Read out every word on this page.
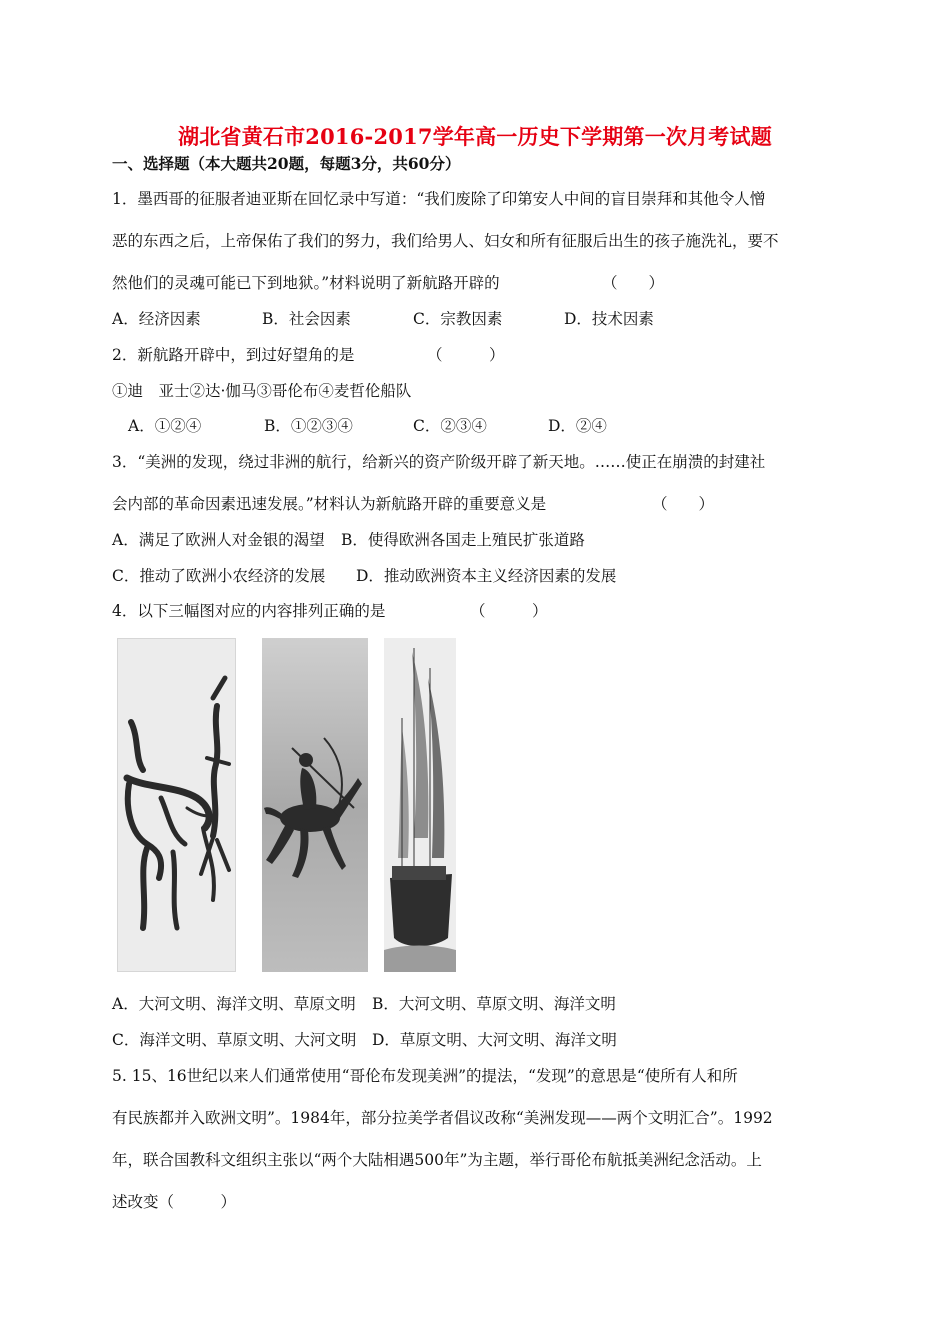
湖北省黄石市2016-2017学年高一历史下学期第一次月考试题
一、选择题（本大题共20题，每题3分，共60分）
1．墨西哥的征服者迪亚斯在回忆录中写道：“我们废除了印第安人中间的盲目崇拜和其他令人憎
恶的东西之后，上帝保佑了我们的努力，我们给男人、妇女和所有征服后出生的孩子施洗礼，要不
然他们的灵魂可能已下到地狱。”材料说明了新航路开辟的	（　　）
A．经济因素	B．社会因素	C．宗教因素	D．技术因素
2．新航路开辟中，到过好望角的是	（　　　）
①迪　亚士②达·伽马③哥伦布④麦哲伦船队
A．①②④	B．①②③④	C．②③④	D．②④
3．“美洲的发现，绕过非洲的航行，给新兴的资产阶级开辟了新天地。……使正在崩溃的封建社
会内部的革命因素迅速发展。”材料认为新航路开辟的重要意义是	（　　）
A．满足了欧洲人对金银的渴望 B．使得欧洲各国走上殖民扩张道路
C．推动了欧洲小农经济的发展 D．推动欧洲资本主义经济因素的发展
4．以下三幅图对应的内容排列正确的是	（　　　）
A．大河文明、海洋文明、草原文明 B．大河文明、草原文明、海洋文明
C．海洋文明、草原文明、大河文明 D．草原文明、大河文明、海洋文明
5. 15、16世纪以来人们通常使用“哥伦布发现美洲”的提法，“发现”的意思是“使所有人和所
有民族都并入欧洲文明”。1984年，部分拉美学者倡议改称“美洲发现——两个文明汇合”。1992
年，联合国教科文组织主张以“两个大陆相遇500年”为主题，举行哥伦布航抵美洲纪念活动。上
述改变（　　　）
